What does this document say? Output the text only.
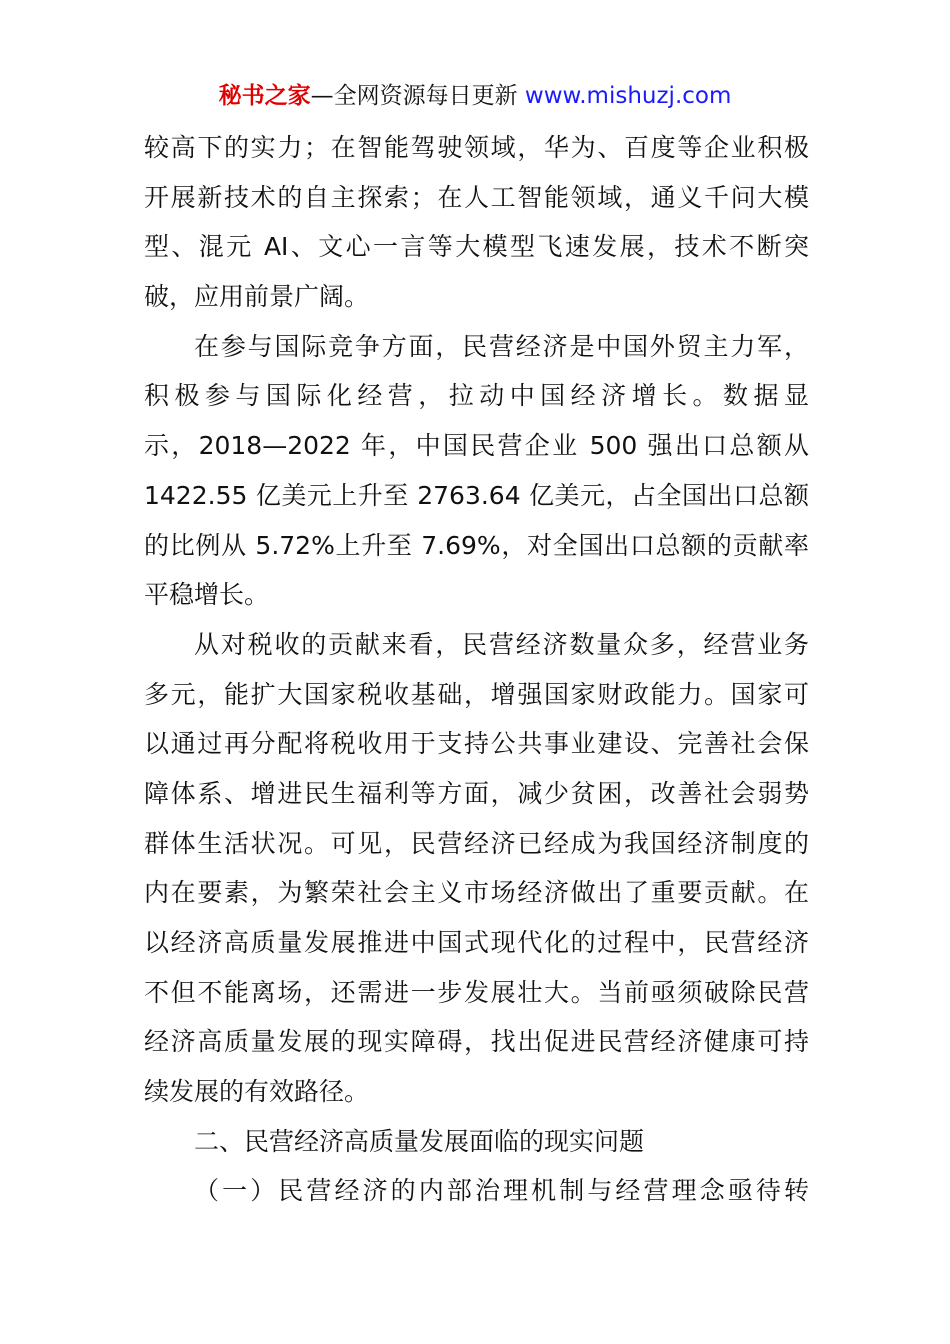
秘书之家—全网资源每日更新 www.mishuzj.com
较高下的实力；在智能驾驶领域，华为、百度等企业积极
开展新技术的自主探索；在人工智能领域，通义千问大模
型、混元 AI、文心一言等大模型飞速发展，技术不断突
破，应用前景广阔。
在参与国际竞争方面，民营经济是中国外贸主力军，
积极参与国际化经营，拉动中国经济增长。数据显
示，2018—2022 年，中国民营企业 500 强出口总额从
1422.55 亿美元上升至 2763.64 亿美元，占全国出口总额
的比例从 5.72%上升至 7.69%，对全国出口总额的贡献率
平稳增长。
从对税收的贡献来看，民营经济数量众多，经营业务
多元，能扩大国家税收基础，增强国家财政能力。国家可
以通过再分配将税收用于支持公共事业建设、完善社会保
障体系、增进民生福利等方面，减少贫困，改善社会弱势
群体生活状况。可见，民营经济已经成为我国经济制度的
内在要素，为繁荣社会主义市场经济做出了重要贡献。在
以经济高质量发展推进中国式现代化的过程中，民营经济
不但不能离场，还需进一步发展壮大。当前亟须破除民营
经济高质量发展的现实障碍，找出促进民营经济健康可持
续发展的有效路径。
二、民营经济高质量发展面临的现实问题
（一）民营经济的内部治理机制与经营理念亟待转
